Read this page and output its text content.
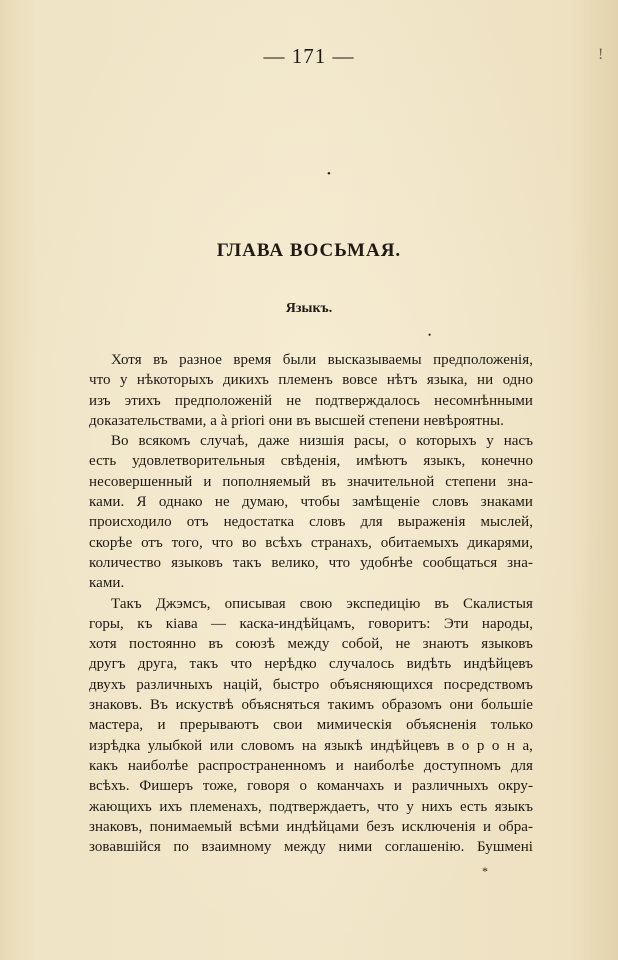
— 171 —	!
•
ГЛАВА ВОСЬМАЯ.
Языкъ.
•
Хотя въ разное время были высказываемы предположенія,
что у нѣкоторыхъ дикихъ племенъ вовсе нѣтъ языка, ни одно
изъ этихъ предположеній не подтверждалось несомнѣнными
доказательствами, а à priori они въ высшей степени невѣроятны.
Во всякомъ случаѣ, даже низшія расы, о которыхъ у насъ
есть удовлетворительныя свѣденія, имѣютъ языкъ, конечно
несовершенный и пополняемый въ значительной степени зна-
ками. Я однако не думаю, чтобы замѣщеніе словъ знаками
происходило отъ недостатка словъ для выраженія мыслей,
скорѣе отъ того, что во всѣхъ странахъ, обитаемыхъ дикарями,
количество языковъ такъ велико, что удобнѣе сообщаться зна-
ками.
Такъ Джэмсъ, описывая свою экспедицію въ Скалистыя
горы, къ кіава — каска-индѣйцамъ, говоритъ: Эти народы,
хотя постоянно въ союзѣ между собой, не знаютъ языковъ
другъ друга, такъ что нерѣдко случалось видѣть индѣйцевъ
двухъ различныхъ націй, быстро объясняющихся посредствомъ
знаковъ. Въ искуствѣ объясняться такимъ образомъ они большіе
мастера, и прерываютъ свои мимическія объясненія только
изрѣдка улыбкой или словомъ на языкѣ индѣйцевъ в о р о н а,
какъ наиболѣе распространенномъ и наиболѣе доступномъ для
всѣхъ. Фишеръ тоже, говоря о команчахъ и различныхъ окру-
жающихъ ихъ племенахъ, подтверждаетъ, что у нихъ есть языкъ
знаковъ, понимаемый всѣми индѣйцами безъ исключенія и обра-
зовавшійся по взаимному между ними соглашенію. Бушмені
*
